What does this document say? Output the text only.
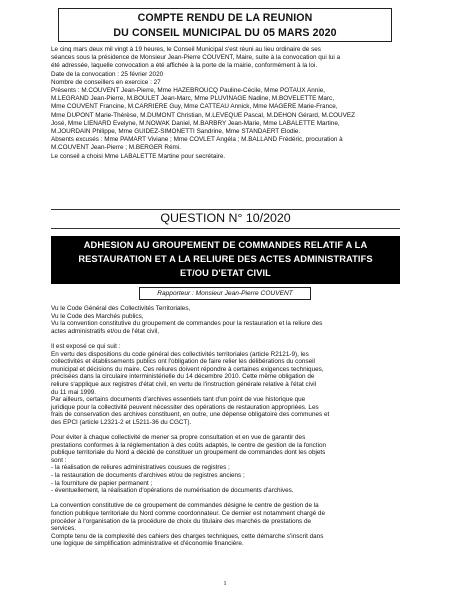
COMPTE RENDU DE LA REUNION
DU CONSEIL MUNICIPAL DU 05 MARS 2020

Le cinq mars deux mil vingt à 19 heures, le Conseil Municipal s'est réuni au lieu ordinaire de ses

séances sous la présidence de Monsieur Jean-Pierre COUVENT, Maire, suite à la convocation qui lui a

été adressée, laquelle convocation a été affichée à la porte de la mairie, conformément à la loi.

Date de la convocation : 25 février 2020

Nombre de conseillers en exercice : 27

Présents : M.COUVENT Jean-Pierre, Mme HAZEBROUCQ Pauline-Cécile, Mme POTAUX Annie,

M.LEGRAND Jean-Pierre, M.BOULET Jean-Marc, Mme PLUVINAGE Nadine, M.BOVELETTE Marc,

Mme COUVENT Francine, M.CARRIERE Guy, Mme CATTEAU Annick, Mme MAGERE Marie-France,

Mme DUPONT Marie-Thérèse, M.DUMONT Christian, M.LEVEQUE Pascal, M.DEHON Gérard, M.COUVEZ

José, Mme LIENARD Evelyne, M.NOWAK Daniel, M.BARBRY Jean-Marie, Mme LABALETTE Martine,

M.JOURDAIN Philippe, Mme GUIDEZ-SIMONETTI Sandrine, Mme STANDAERT Elodie.

Absents excusés : Mme PAMART Viviane ; Mme COVLET Angéla ; M.BALLAND Frédéric, procuration à

M.COUVENT Jean-Pierre ; M.BERGER Rémi.

Le conseil a choisi Mme LABALETTE Martine pour secrétaire.

QUESTION N° 10/2020
ADHESION AU GROUPEMENT DE COMMANDES RELATIF A LA
RESTAURATION ET A LA RELIURE DES ACTES ADMINISTRATIFS
ET/OU D'ETAT CIVIL
Rapporteur : Monsieur Jean-Pierre COUVENT

Vu le Code Général des Collectivités Territoriales,

Vu le Code des Marchés publics,

Vu la convention constitutive du groupement de commandes pour la restauration et la reliure des

actes administratifs et/ou de l'état civil,

Il est exposé ce qui suit :

En vertu des dispositions du code général des collectivités territoriales (article R2121-9), les

collectivités et établissements publics ont l'obligation de faire relier les délibérations du conseil

municipal et décisions du maire. Ces reliures doivent répondre à certaines exigences techniques,

précisées dans la circulaire interministérielle du 14 décembre 2010. Cette même obligation de

reliure s'applique aux registres d'état civil, en vertu de l'instruction générale relative à l'état civil

du 11 mai 1999.

Par ailleurs, certains documents d'archives essentiels tant d'un point de vue historique que

juridique pour la collectivité peuvent nécessiter des opérations de restauration appropriées. Les

frais de conservation des archives constituent, en outre, une dépense obligatoire des communes et

des EPCI (article L2321-2 et L5211-36 du CGCT).

Pour éviter à chaque collectivité de mener sa propre consultation et en vue de garantir des

prestations conformes à la réglementation à des coûts adaptés, le centre de gestion de la fonction

publique territoriale du Nord a décidé de constituer un groupement de commandes dont les objets

sont :

- la réalisation de reliures administratives cousues de registres ;

- la restauration de documents d'archives et/ou de registres anciens ;

- la fourniture de papier permanent ;

- éventuellement, la réalisation d'opérations de numérisation de documents d'archives.

La convention constitutive de ce groupement de commandes désigne le centre de gestion de la

fonction publique territoriale du Nord comme coordonnateur. Ce dernier est notamment chargé de

procéder à l'organisation de la procédure de choix du titulaire des marchés de prestations de

services.

Compte tenu de la complexité des cahiers des charges techniques, cette démarche s'inscrit dans

une logique de simplification administrative et d'économie financière.

1
